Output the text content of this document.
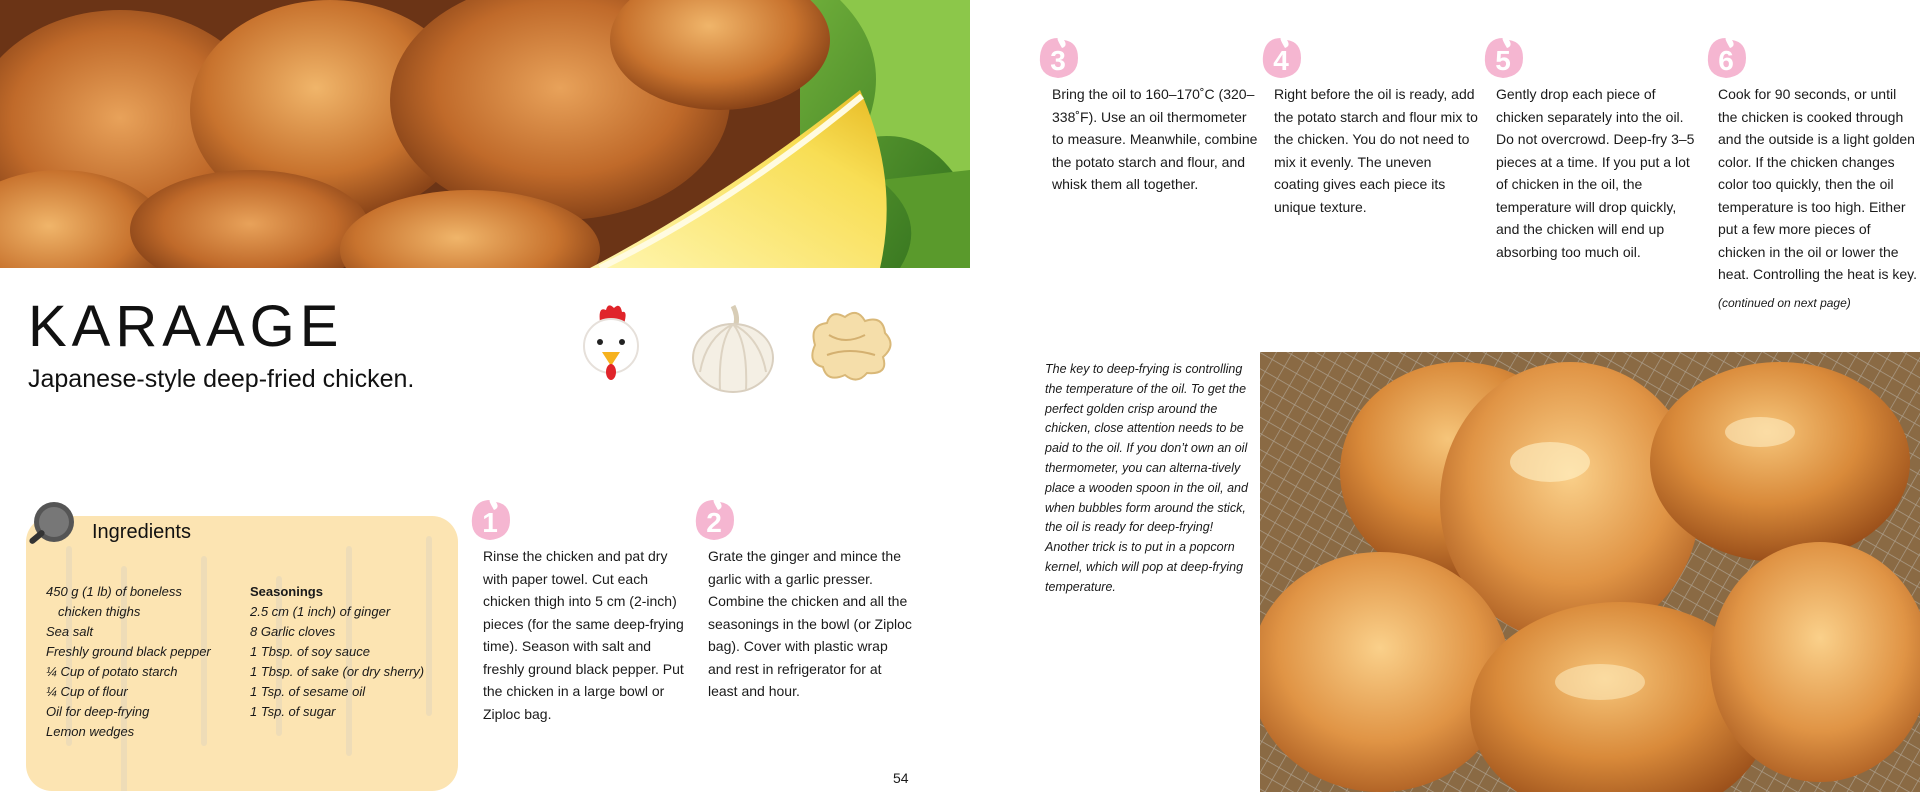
KARAAGE
Japanese-style deep-fried chicken.
Ingredients
450 g (1 lb) of boneless
chicken thighs
Sea salt
Freshly ground black pepper
¼ Cup of potato starch
¼ Cup of flour
Oil for deep-frying
Lemon wedges
Seasonings
2.5 cm (1 inch) of ginger
8 Garlic cloves
1 Tbsp. of soy sauce
1 Tbsp. of sake (or dry sherry)
1 Tsp. of sesame oil
1 Tsp. of sugar
1
Rinse the chicken and pat dry with paper towel. Cut each chicken thigh into 5 cm (2-inch) pieces (for the same deep-frying time). Season with salt and freshly ground black pepper. Put the chicken in a large bowl or Ziploc bag.
2
Grate the ginger and mince the garlic with a garlic presser. Combine the chicken and all the seasonings in the bowl (or Ziploc bag). Cover with plastic wrap and rest in refrigerator for at least and hour.
3
Bring the oil to 160–170˚C (320–338˚F). Use an oil thermometer to measure. Meanwhile, combine the potato starch and flour, and whisk them all together.
4
Right before the oil is ready, add the potato starch and flour mix to the chicken. You do not need to mix it evenly. The uneven coating gives each piece its unique texture.
5
Gently drop each piece of chicken separately into the oil. Do not overcrowd. Deep-fry 3–5 pieces at a time. If you put a lot of chicken in the oil, the temperature will drop quickly, and the chicken will end up absorbing too much oil.
6
Cook for 90 seconds, or until the chicken is cooked through and the outside is a light golden color. If the chicken changes color too quickly, then the oil temperature is too high. Either put a few more pieces of chicken in the oil or lower the heat. Controlling the heat is key.
(continued on next page)
The key to deep-frying is controlling the temperature of the oil. To get the perfect golden crisp around the chicken, close attention needs to be paid to the oil. If you don’t own an oil thermometer, you can alterna-tively place a wooden spoon in the oil, and when bubbles form around the stick, the oil is ready for deep-frying! Another trick is to put in a popcorn kernel, which will pop at deep-frying temperature.
54
